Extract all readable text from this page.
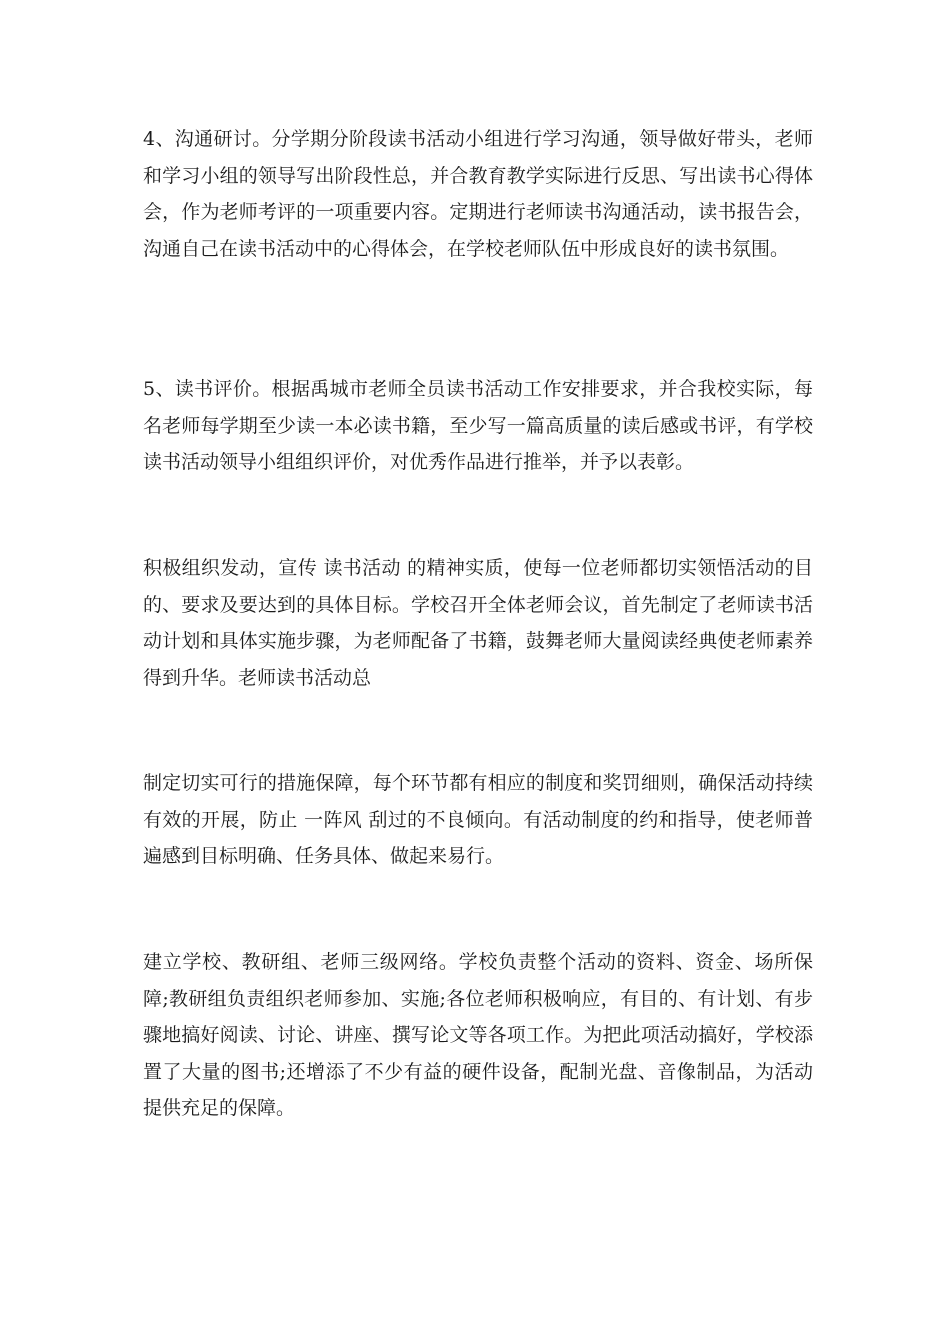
4、沟通研讨。分学期分阶段读书活动小组进行学习沟通，领导做好带头，老师和学习小组的领导写出阶段性总，并合教育教学实际进行反思、写出读书心得体会，作为老师考评的一项重要内容。定期进行老师读书沟通活动，读书报告会，沟通自己在读书活动中的心得体会，在学校老师队伍中形成良好的读书氛围。

5、读书评价。根据禹城市老师全员读书活动工作安排要求，并合我校实际，每名老师每学期至少读一本必读书籍，至少写一篇高质量的读后感或书评，有学校读书活动领导小组组织评价，对优秀作品进行推举，并予以表彰。

积极组织发动，宣传 读书活动 的精神实质，使每一位老师都切实领悟活动的目的、要求及要达到的具体目标。学校召开全体老师会议，首先制定了老师读书活动计划和具体实施步骤，为老师配备了书籍，鼓舞老师大量阅读经典使老师素养得到升华。老师读书活动总

制定切实可行的措施保障，每个环节都有相应的制度和奖罚细则，确保活动持续有效的开展，防止 一阵风 刮过的不良倾向。有活动制度的约和指导，使老师普遍感到目标明确、任务具体、做起来易行。

建立学校、教研组、老师三级网络。学校负责整个活动的资料、资金、场所保障;教研组负责组织老师参加、实施;各位老师积极响应，有目的、有计划、有步骤地搞好阅读、讨论、讲座、撰写论文等各项工作。为把此项活动搞好，学校添置了大量的图书;还增添了不少有益的硬件设备，配制光盘、音像制品，为活动提供充足的保障。
